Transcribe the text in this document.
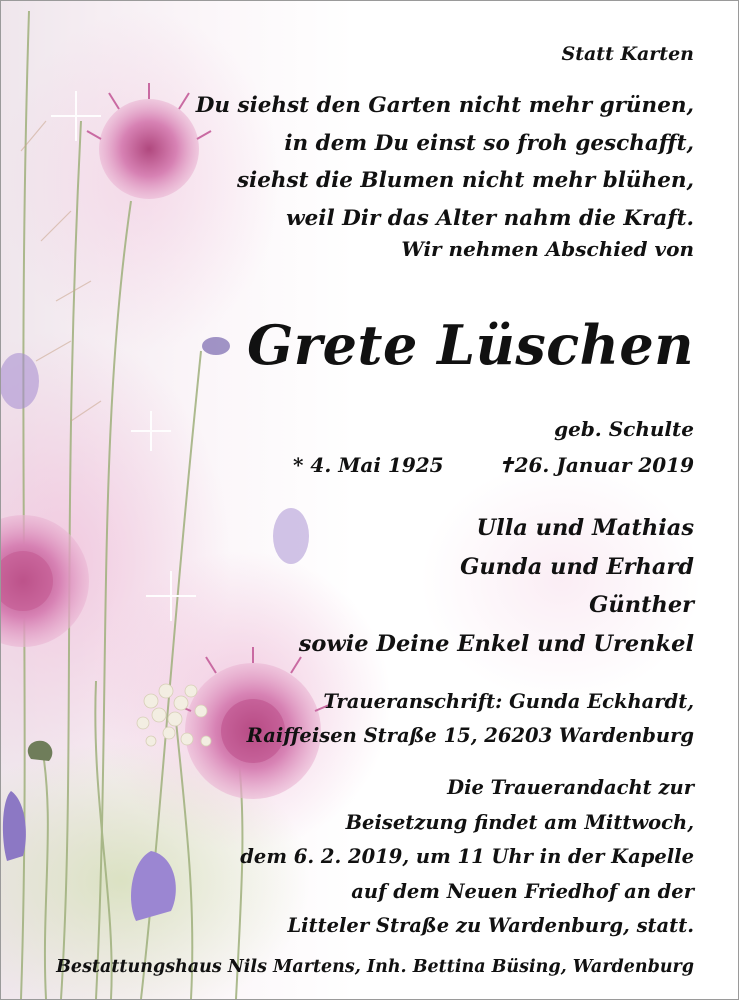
Statt Karten
Du siehst den Garten nicht mehr grünen,
in dem Du einst so froh geschafft,
siehst die Blumen nicht mehr blühen,
weil Dir das Alter nahm die Kraft.
Wir nehmen Abschied von
Grete Lüschen
geb. Schulte
* 4. Mai 1925	✝26. Januar 2019
Ulla und Mathias
Gunda und Erhard
Günther
sowie Deine Enkel und Urenkel
Traueranschrift: Gunda Eckhardt,
Raiffeisen Straße 15, 26203 Wardenburg
Die Trauerandacht zur
Beisetzung findet am Mittwoch,
dem 6. 2. 2019, um 11 Uhr in der Kapelle
auf dem Neuen Friedhof an der
Litteler Straße zu Wardenburg, statt.
Bestattungshaus Nils Martens, Inh. Bettina Büsing, Wardenburg
